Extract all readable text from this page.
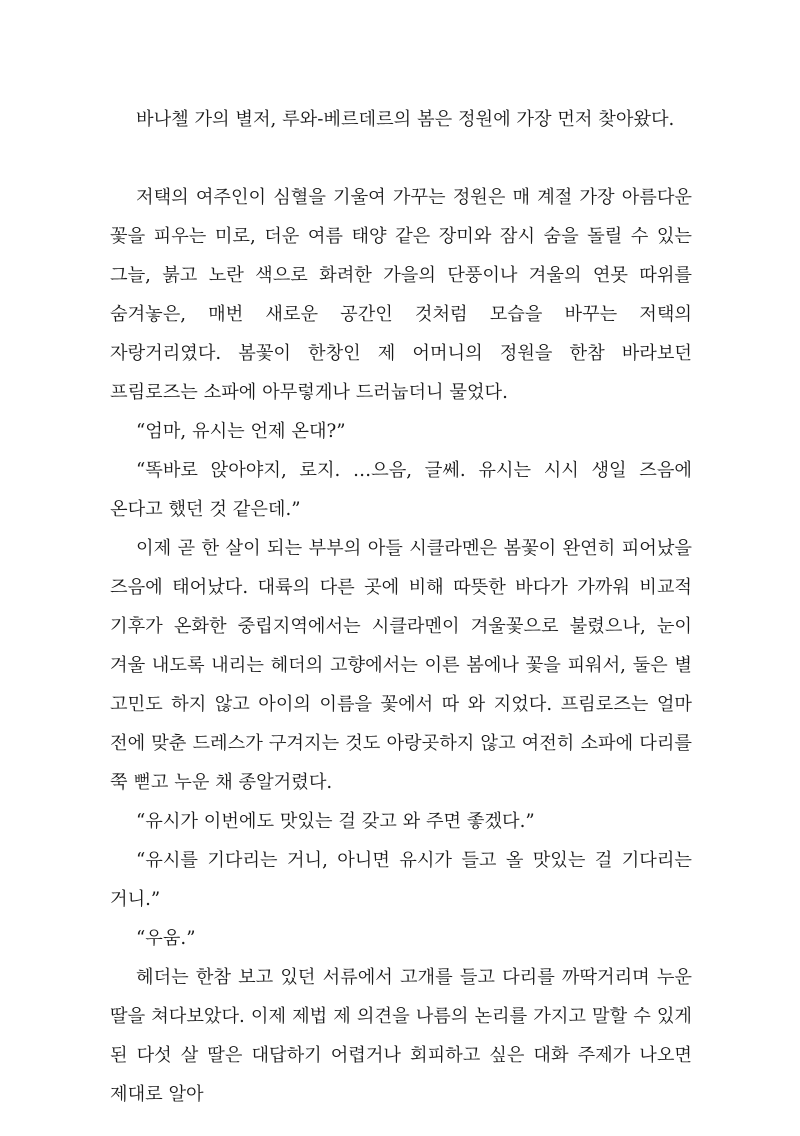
바나첼 가의 별저, 루와-베르데르의 봄은 정원에 가장 먼저 찾아왔다.

저택의 여주인이 심혈을 기울여 가꾸는 정원은 매 계절 가장 아름다운 꽃을 피우는 미로, 더운 여름 태양 같은 장미와 잠시 숨을 돌릴 수 있는 그늘, 붉고 노란 색으로 화려한 가을의 단풍이나 겨울의 연못 따위를 숨겨놓은, 매번 새로운 공간인 것처럼 모습을 바꾸는 저택의 자랑거리였다. 봄꽃이 한창인 제 어머니의 정원을 한참 바라보던 프림로즈는 소파에 아무렇게나 드러눕더니 물었다.

“엄마, 유시는 언제 온대?”

“똑바로 앉아야지, 로지. …으음, 글쎄. 유시는 시시 생일 즈음에 온다고 했던 것 같은데.”

이제 곧 한 살이 되는 부부의 아들 시클라멘은 봄꽃이 완연히 피어났을 즈음에 태어났다. 대륙의 다른 곳에 비해 따뜻한 바다가 가까워 비교적 기후가 온화한 중립지역에서는 시클라멘이 겨울꽃으로 불렸으나, 눈이 겨울 내도록 내리는 헤더의 고향에서는 이른 봄에나 꽃을 피워서, 둘은 별 고민도 하지 않고 아이의 이름을 꽃에서 따 와 지었다. 프림로즈는 얼마 전에 맞춘 드레스가 구겨지는 것도 아랑곳하지 않고 여전히 소파에 다리를 쭉 뻗고 누운 채 종알거렸다.

“유시가 이번에도 맛있는 걸 갖고 와 주면 좋겠다.”

“유시를 기다리는 거니, 아니면 유시가 들고 올 맛있는 걸 기다리는 거니.”

“우움.”

헤더는 한참 보고 있던 서류에서 고개를 들고 다리를 까딱거리며 누운 딸을 쳐다보았다. 이제 제법 제 의견을 나름의 논리를 가지고 말할 수 있게 된 다섯 살 딸은 대답하기 어렵거나 회피하고 싶은 대화 주제가 나오면 제대로 알아
